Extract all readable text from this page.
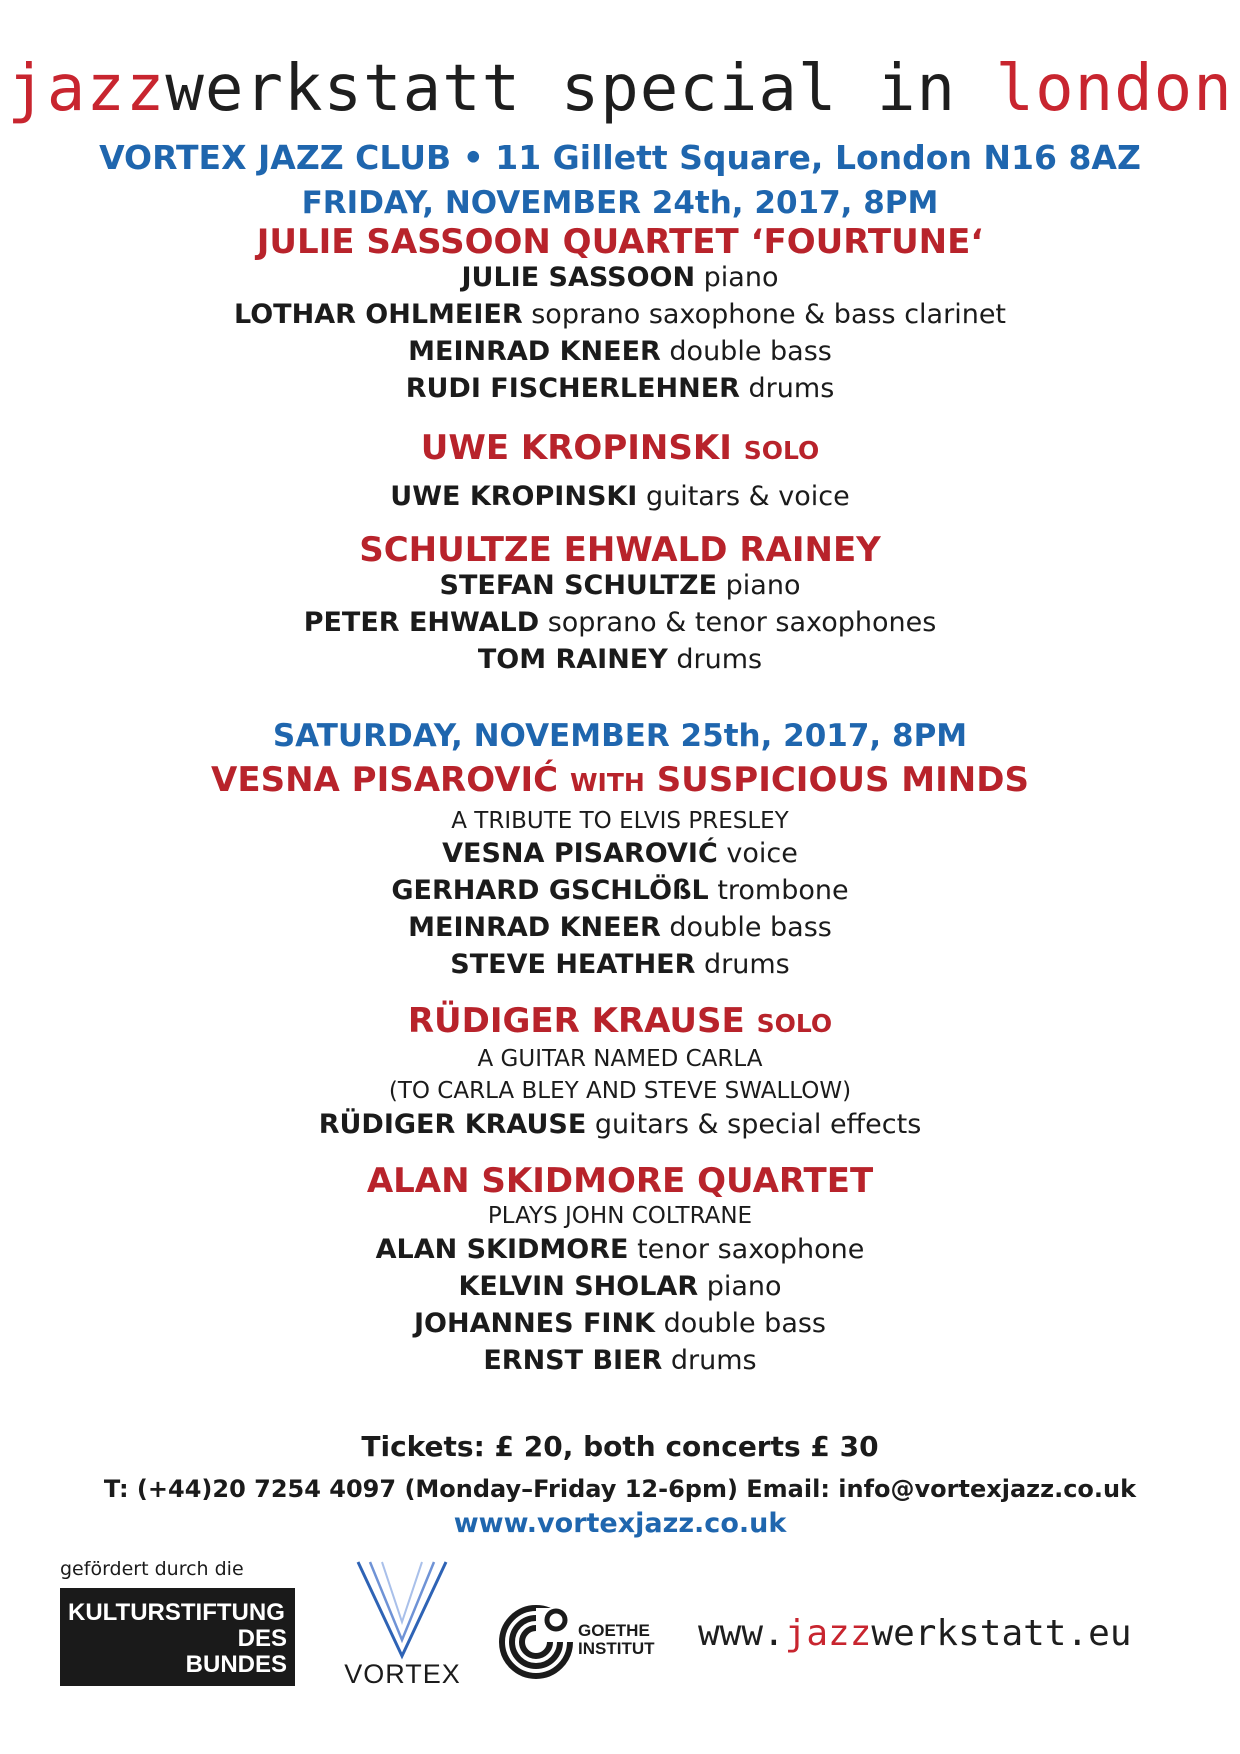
jazzwerkstatt special in london
VORTEX JAZZ CLUB • 11 Gillett Square, London N16 8AZ
FRIDAY, NOVEMBER 24th, 2017, 8PM
JULIE SASSOON QUARTET ‘FOURTUNE‘
JULIE SASSOON piano
LOTHAR OHLMEIER soprano saxophone & bass clarinet
MEINRAD KNEER double bass
RUDI FISCHERLEHNER drums
UWE KROPINSKI SOLO
UWE KROPINSKI guitars & voice
SCHULTZE EHWALD RAINEY
STEFAN SCHULTZE piano
PETER EHWALD soprano & tenor saxophones
TOM RAINEY drums
SATURDAY, NOVEMBER 25th, 2017, 8PM
VESNA PISAROVIĆ WITH SUSPICIOUS MINDS
A TRIBUTE TO ELVIS PRESLEY
VESNA PISAROVIĆ voice
GERHARD GSCHLÖßL trombone
MEINRAD KNEER double bass
STEVE HEATHER drums
RÜDIGER KRAUSE SOLO
A GUITAR NAMED CARLA
(TO CARLA BLEY AND STEVE SWALLOW)
RÜDIGER KRAUSE guitars & special effects
ALAN SKIDMORE QUARTET
PLAYS JOHN COLTRANE
ALAN SKIDMORE tenor saxophone
KELVIN SHOLAR piano
JOHANNES FINK double bass
ERNST BIER drums
Tickets: £ 20, both concerts £ 30
T: (+44)20 7254 4097 (Monday–Friday 12-6pm) Email: info@vortexjazz.co.uk
www.vortexjazz.co.uk
gefördert durch die
KULTURSTIFTUNG
DES
BUNDES VORTEX
GOETHE
INSTITUT www.jazzwerkstatt.eu
